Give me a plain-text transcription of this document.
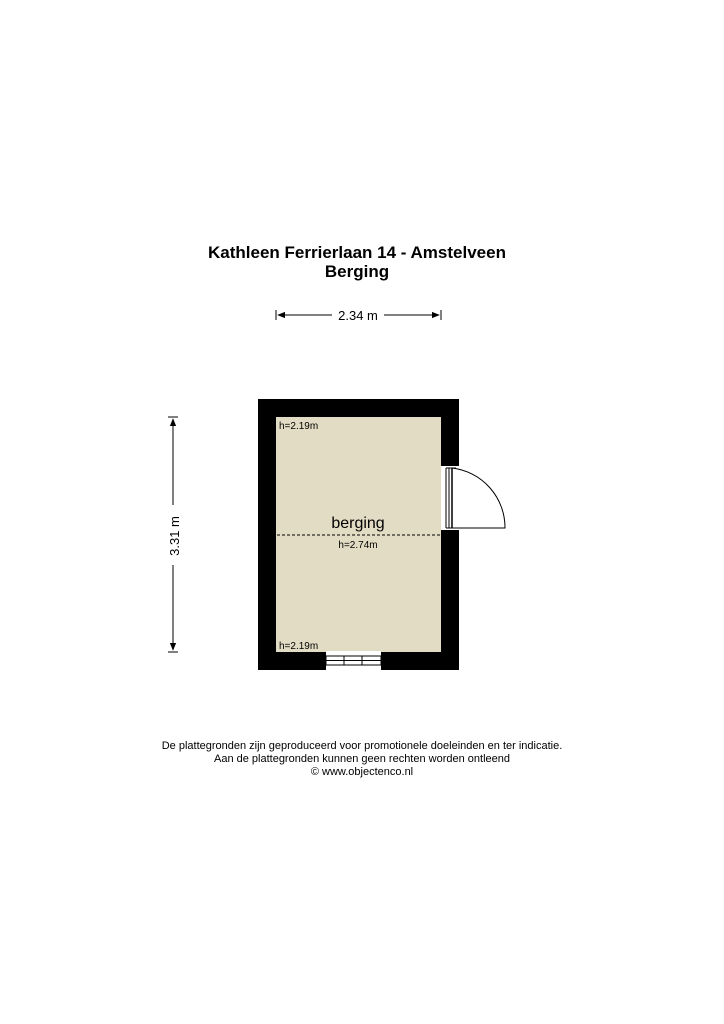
Kathleen Ferrierlaan 14 - Amstelveen
Berging
2.34 m
3.31 m
h=2.19m
berging
h=2.74m
h=2.19m
De plattegronden zijn geproduceerd voor promotionele doeleinden en ter indicatie.
Aan de plattegronden kunnen geen rechten worden ontleend
© www.objectenco.nl
